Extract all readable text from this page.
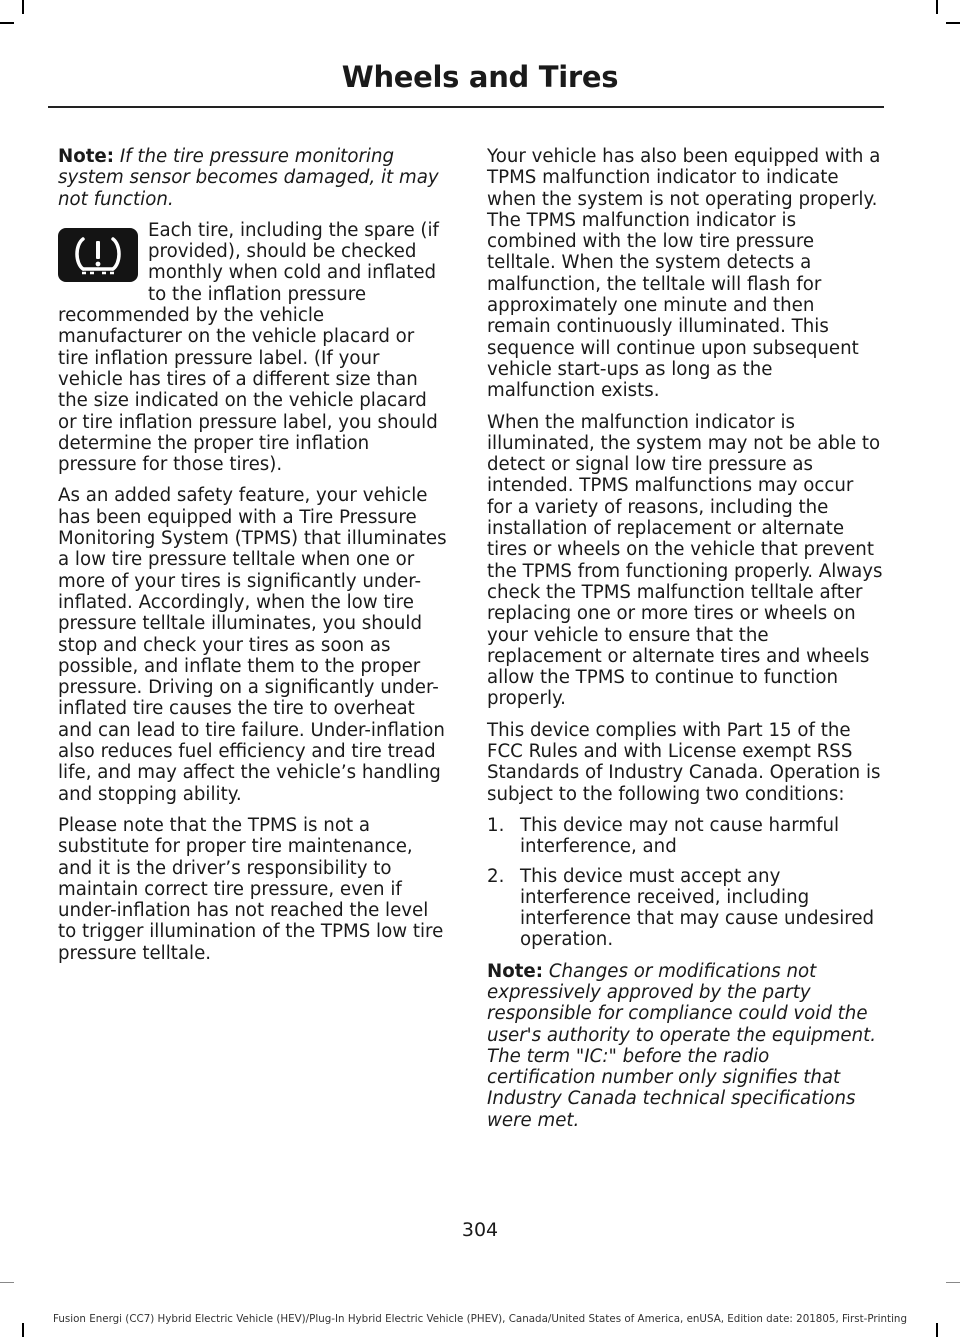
Wheels and Tires

Note: If the tire pressure monitoring system sensor becomes damaged, it may not function.

Each tire, including the spare (if provided), should be checked monthly when cold and inflated to the inflation pressure recommended by the vehicle manufacturer on the vehicle placard or tire inflation pressure label. (If your vehicle has tires of a different size than the size indicated on the vehicle placard or tire inflation pressure label, you should determine the proper tire inflation pressure for those tires).

As an added safety feature, your vehicle has been equipped with a Tire Pressure Monitoring System (TPMS) that illuminates a low tire pressure telltale when one or more of your tires is significantly under-inflated. Accordingly, when the low tire pressure telltale illuminates, you should stop and check your tires as soon as possible, and inflate them to the proper pressure. Driving on a significantly under-inflated tire causes the tire to overheat and can lead to tire failure. Under-inflation also reduces fuel efficiency and tire tread life, and may affect the vehicle’s handling and stopping ability.

Please note that the TPMS is not a substitute for proper tire maintenance, and it is the driver’s responsibility to maintain correct tire pressure, even if under-inflation has not reached the level to trigger illumination of the TPMS low tire pressure telltale.

Your vehicle has also been equipped with a TPMS malfunction indicator to indicate when the system is not operating properly. The TPMS malfunction indicator is combined with the low tire pressure telltale. When the system detects a malfunction, the telltale will flash for approximately one minute and then remain continuously illuminated. This sequence will continue upon subsequent vehicle start-ups as long as the malfunction exists.

When the malfunction indicator is illuminated, the system may not be able to detect or signal low tire pressure as intended. TPMS malfunctions may occur for a variety of reasons, including the installation of replacement or alternate tires or wheels on the vehicle that prevent the TPMS from functioning properly. Always check the TPMS malfunction telltale after replacing one or more tires or wheels on your vehicle to ensure that the replacement or alternate tires and wheels allow the TPMS to continue to function properly.

This device complies with Part 15 of the FCC Rules and with License exempt RSS Standards of Industry Canada. Operation is subject to the following two conditions:

1. This device may not cause harmful interference, and
2. This device must accept any interference received, including interference that may cause undesired operation.

Note: Changes or modifications not expressively approved by the party responsible for compliance could void the user's authority to operate the equipment. The term "IC:" before the radio certification number only signifies that Industry Canada technical specifications were met.

304
Fusion Energi (CC7) Hybrid Electric Vehicle (HEV)/Plug-In Hybrid Electric Vehicle (PHEV), Canada/United States of America, enUSA, Edition date: 201805, First-Printing
